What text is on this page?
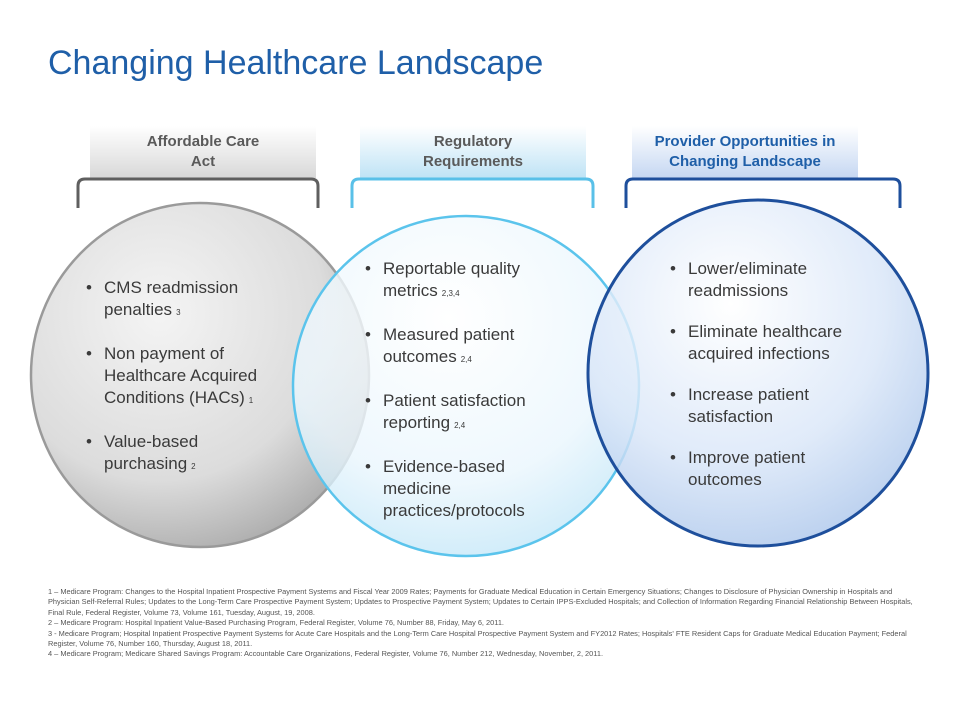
Changing Healthcare Landscape
Affordable Care Act
Regulatory Requirements
Provider Opportunities in Changing Landscape
• CMS readmission penalties 3
• Non payment of Healthcare Acquired Conditions (HACs) 1
• Value-based purchasing 2
• Reportable quality metrics 2,3,4
• Measured patient outcomes 2,4
• Patient satisfaction reporting 2,4
• Evidence-based medicine practices/protocols
• Lower/eliminate readmissions
• Eliminate healthcare acquired infections
• Increase patient satisfaction
• Improve patient outcomes

1 – Medicare Program: Changes to the Hospital Inpatient Prospective Payment Systems and Fiscal Year 2009 Rates; Payments for Graduate Medical Education in Certain Emergency Situations; Changes to Disclosure of Physician Ownership in Hospitals and Physician Self-Referral Rules; Updates to the Long-Term Care Prospective Payment System; Updates to Prospective Payment System; Updates to Certain IPPS-Excluded Hospitals; and Collection of Information Regarding Financial Relationship Between Hospitals, Final Rule, Federal Register, Volume 73, Volume 161, Tuesday, August, 19, 2008.

2 – Medicare Program: Hospital Inpatient Value-Based Purchasing Program, Federal Register, Volume 76, Number 88, Friday, May 6, 2011.

3 - Medicare Program; Hospital Inpatient Prospective Payment Systems for Acute Care Hospitals and the Long-Term Care Hospital Prospective Payment System and FY2012 Rates; Hospitals' FTE Resident Caps for Graduate Medical Education Payment; Federal Register, Volume 76, Number 160, Thursday, August 18, 2011.

4 – Medicare Program; Medicare Shared Savings Program: Accountable Care Organizations, Federal Register, Volume 76, Number 212, Wednesday, November, 2, 2011.
